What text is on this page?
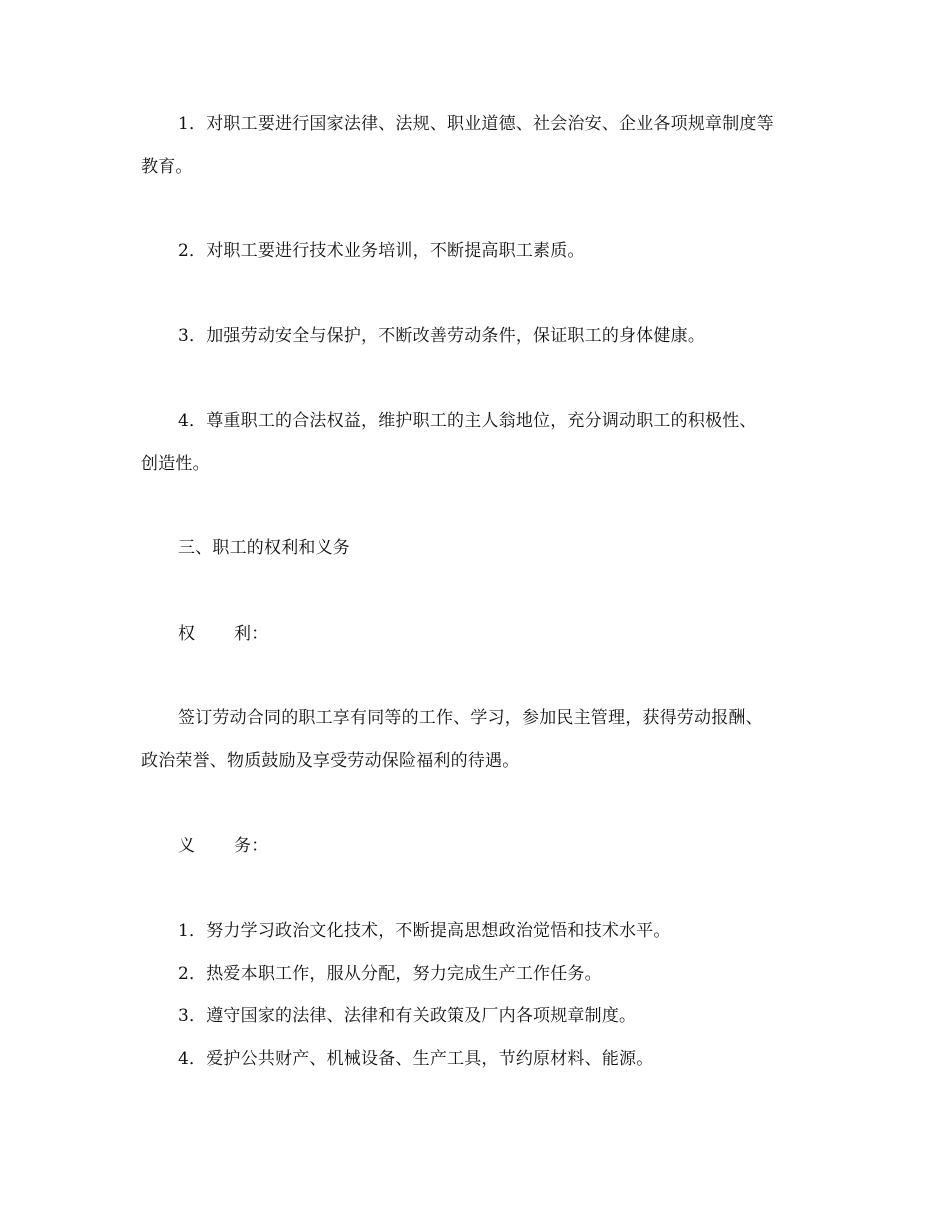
1．对职工要进行国家法律、法规、职业道德、社会治安、企业各项规章制度等
教育。
2．对职工要进行技术业务培训，不断提高职工素质。
3．加强劳动安全与保护，不断改善劳动条件，保证职工的身体健康。
4．尊重职工的合法权益，维护职工的主人翁地位，充分调动职工的积极性、
创造性。
三、职工的权利和义务
权 利：
签订劳动合同的职工享有同等的工作、学习，参加民主管理，获得劳动报酬、
政治荣誉、物质鼓励及享受劳动保险福利的待遇。
义 务：
1．努力学习政治文化技术，不断提高思想政治觉悟和技术水平。
2．热爱本职工作，服从分配，努力完成生产工作任务。
3．遵守国家的法律、法律和有关政策及厂内各项规章制度。
4．爱护公共财产、机械设备、生产工具，节约原材料、能源。
